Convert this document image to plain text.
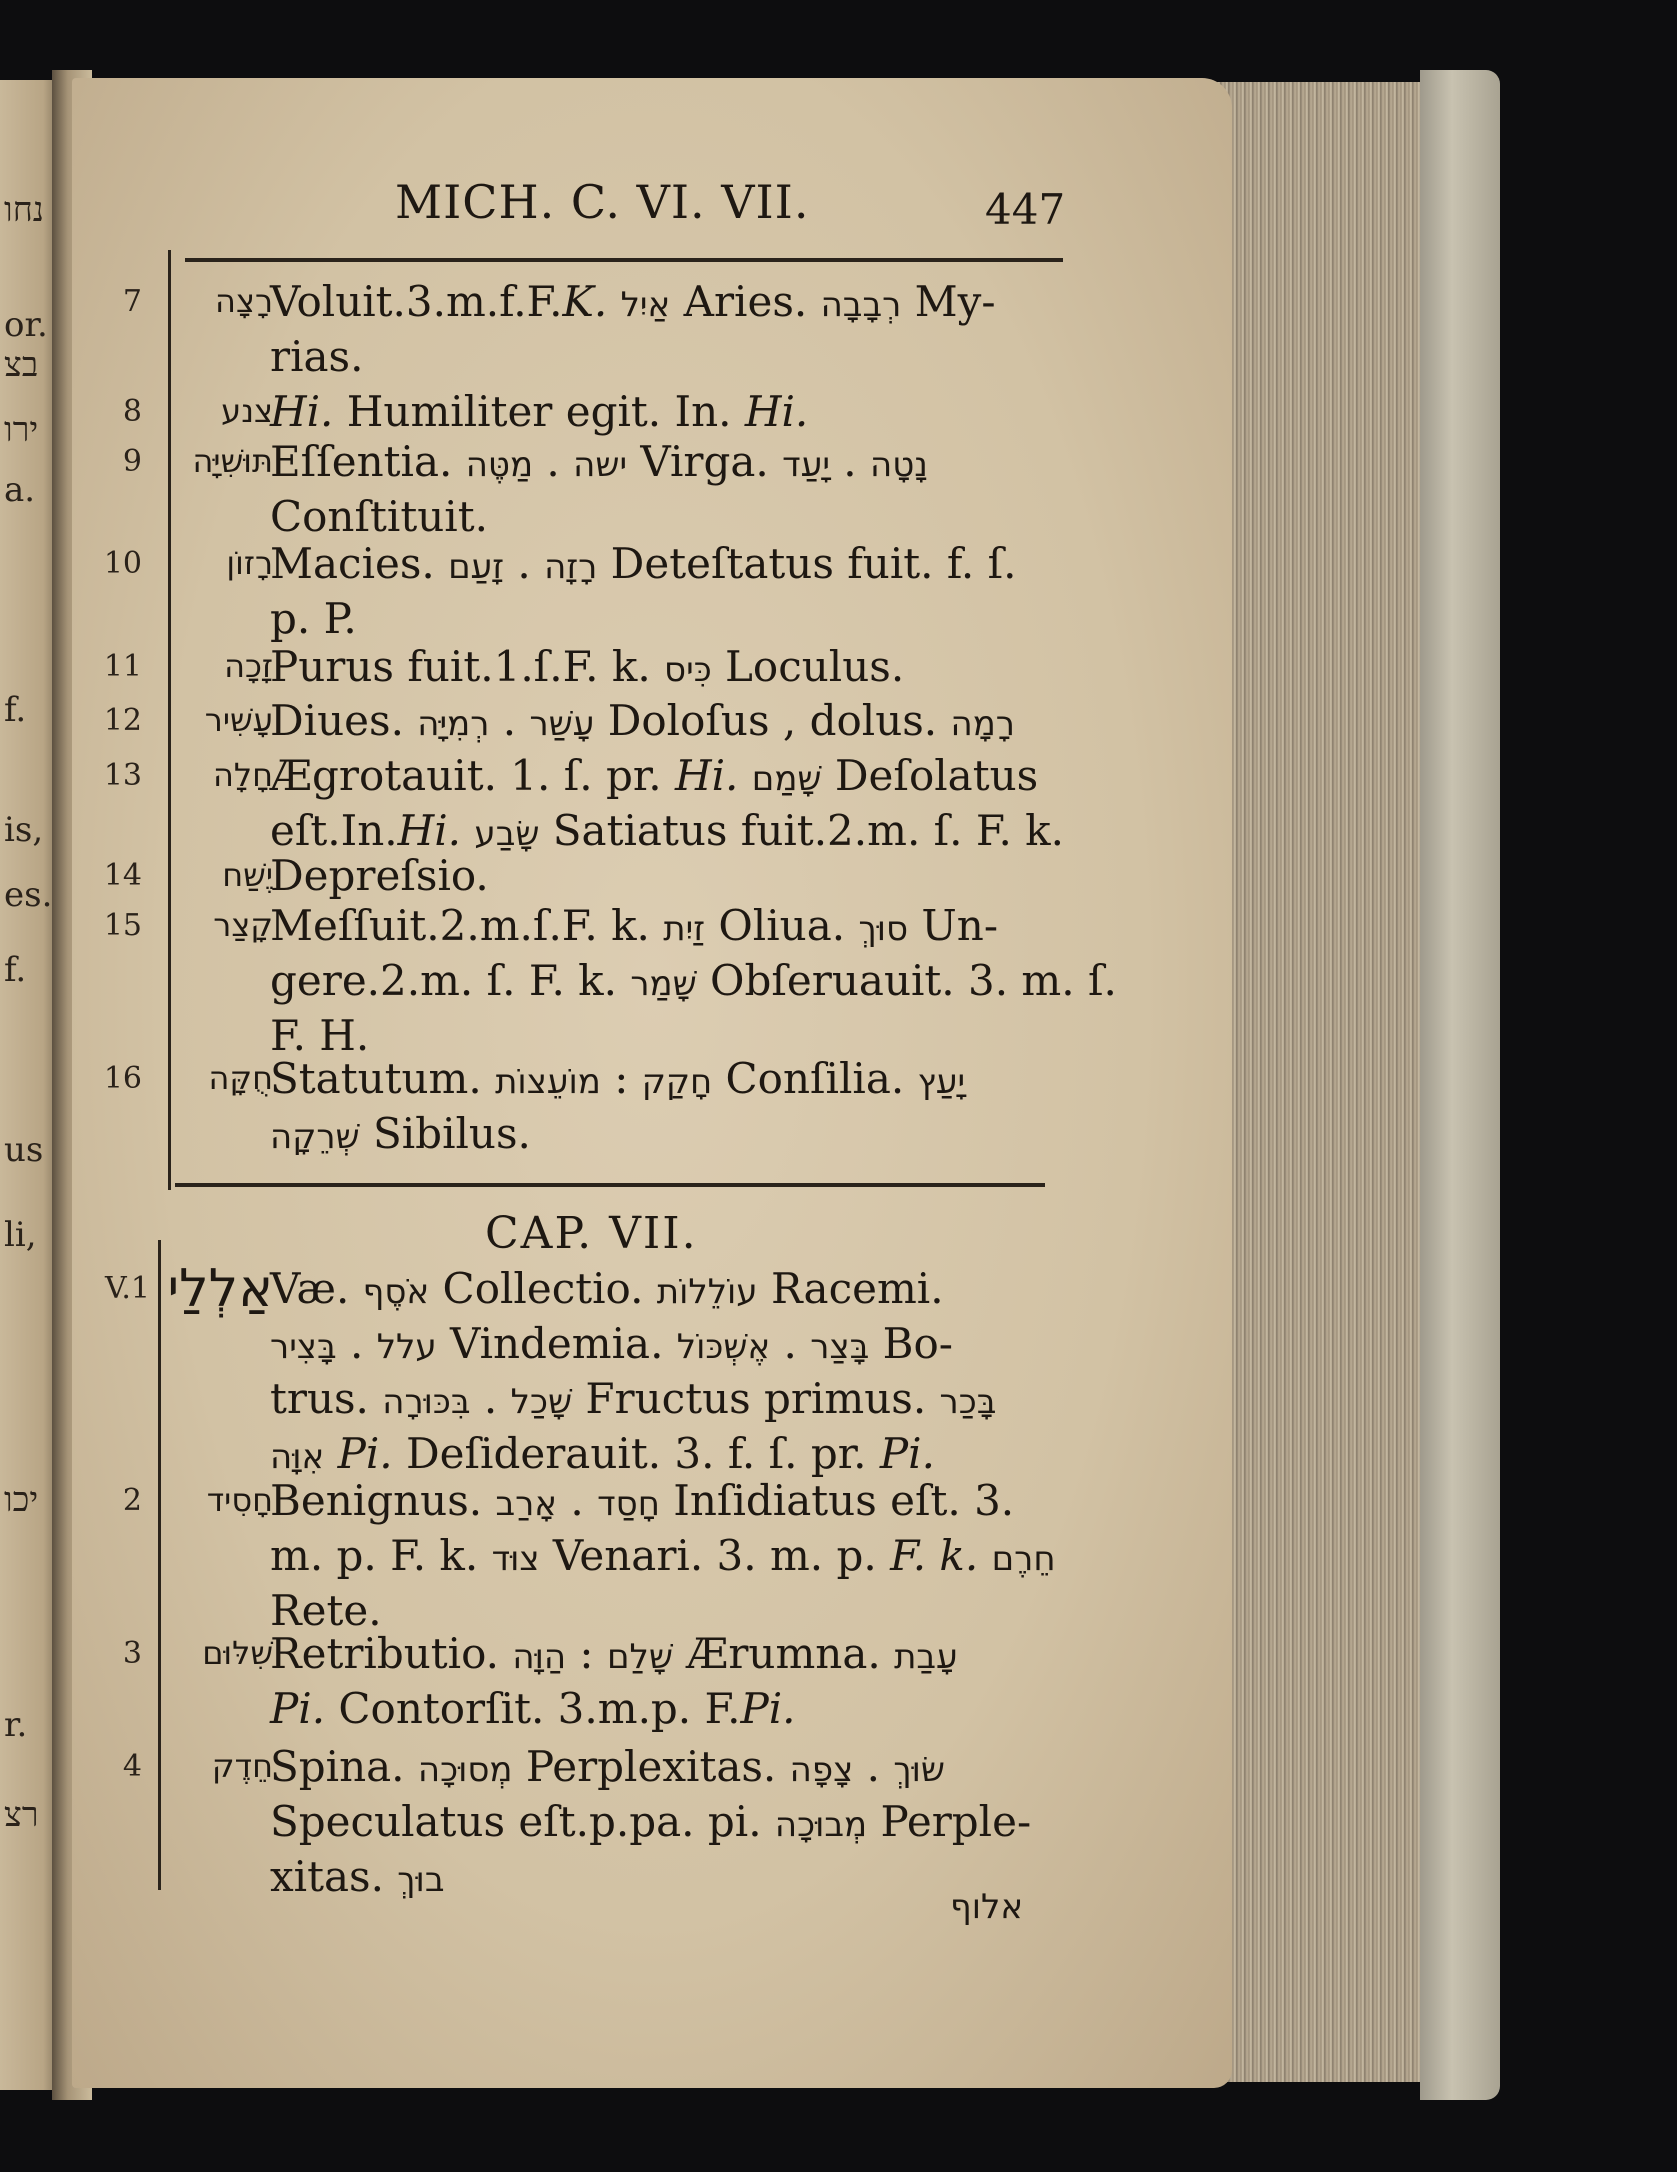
נחו
or.
בצ
ירו
a.
f.
is,
es.
f.
us
li,
יכו
r.
רצ
MICH. C. VI. VII.	447
CAP. VII.
7	רָצָה
Voluit.3.m.f.F.K. אַיִל Aries. רְבָבָה My-
rias.
8	צנע
Hi. Humiliter egit. In. Hi.
9	תּוּשִׁיָּה
Eſſentia.	ישה . מַטֶּה Virga.	נָטָה . יָעַד
Conſtituit.
10	רָזוֹן
Macies.	רָזָה . זָעַם Deteſtatus fuit. f. ſ.
p. P.
11	זָכָה
Purus fuit.1.ſ.F. k. כִּיס Loculus.
12	עָשִׁיר
Diues.	עָשַׁר . רְמִיָּה Doloſus , dolus. רָמָה
13	חָלָה
Ægrotauit. 1. ſ. pr. Hi. שָׁמַם Deſolatus
eſt.In.Hi. שָׂבַע Satiatus fuit.2.m. ſ. F. k.
14	יֶשַׁח
Depreſsio.
15	קָצַר
Meſſuit.2.m.ſ.F. k. זַיִת Oliua. סוּךְ Un-
gere.2.m. ſ. F. k. שָׁמַר Obſeruauit. 3. m. ſ.
F. H.
16	חֻקָּה
Statutum.	חָקַק : מוֹעֵצוֹת	Conſilia. יָעַץ
שְׁרֵקָה Sibilus.
V.1 אַלְלַי
Væ. אֹסֶף Collectio. עוֹלֵלוֹת Racemi.
עלל . בָּצִיר Vindemia.	בָּצַר . אֶשְׁכּוֹל Bo-
trus.	שָׁכַל . בִּכּוּרָה Fructus primus. בָּכַר
אִוָּה Pi. Deſiderauit. 3. f. ſ. pr. Pi.
2	חָסִיד
Benignus.	חָסַד . אָרַב Inſidiatus eſt. 3.
m. p. F. k. צוּד Venari. 3. m. p. F. k. חֵרֶם
Rete.
3	שִׁלּוּם
Retributio.	שָׁלַם : הַוָּה	Ærumna. עָבַת
Pi. Contorſit. 3.m.p. F.Pi.
4	חֵדֶק
Spina. מְסוּכָה Perplexitas.	שׂוּךְ . צָפָה
Speculatus eſt.p.pa. pi. מְבוּכָה Perple-
xitas. בוּךְ
אלוף
